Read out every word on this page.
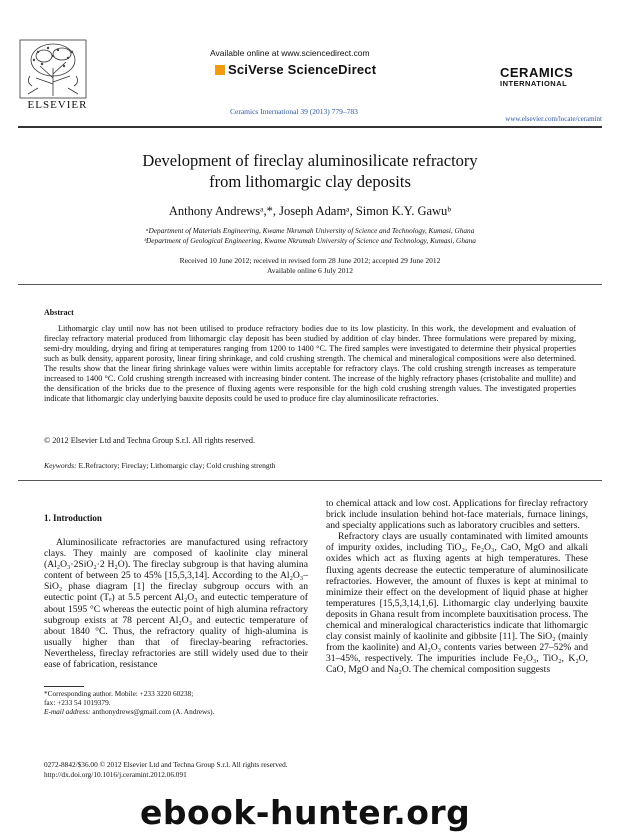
ELSEVIER
Available online at www.sciencedirect.com
SciVerse ScienceDirect
Ceramics International 39 (2013) 779–783
CERAMICS
INTERNATIONAL
www.elsevier.com/locate/ceramint
Development of fireclay aluminosilicate refractory
from lithomargic clay deposits
Anthony Andrewsᵃ,*, Joseph Adamᵃ, Simon K.Y. Gawuᵇ
ᵃDepartment of Materials Engineering, Kwame Nkrumah University of Science and Technology, Kumasi, Ghana
ᵇDepartment of Geological Engineering, Kwame Nkrumah University of Science and Technology, Kumasi, Ghana
Received 10 June 2012; received in revised form 28 June 2012; accepted 29 June 2012
Available online 6 July 2012
Abstract
Lithomargic clay until now has not been utilised to produce refractory bodies due to its low plasticity. In this work, the development and evaluation of fireclay refractory material produced from lithomargic clay deposit has been studied by addition of clay binder. Three formulations were prepared by mixing, semi-dry moulding, drying and firing at temperatures ranging from 1200 to 1400 °C. The fired samples were investigated to determine their physical properties such as bulk density, apparent porosity, linear firing shrinkage, and cold crushing strength. The chemical and mineralogical compositions were also determined. The results show that the linear firing shrinkage values were within limits acceptable for refractory clays. The cold crushing strength increases as temperature increased to 1400 °C. Cold crushing strength increased with increasing binder content. The increase of the highly refractory phases (cristobalite and mullite) and the densification of the bricks due to the presence of fluxing agents were responsible for the high cold crushing strength values. The investigated properties indicate that lithomargic clay underlying bauxite deposits could be used to produce fire clay aluminosilicate refractories.
© 2012 Elsevier Ltd and Techna Group S.r.l. All rights reserved.
Keywords: E.Refractory; Fireclay; Lithomargic clay; Cold crushing strength
1. Introduction

Aluminosilicate refractories are manufactured using refractory clays. They mainly are composed of kaolinite clay mineral (Al₂O₃·2SiO₂·2 H₂O). The fireclay subgroup is that having alumina content of between 25 to 45% [15,5,3,14]. According to the Al₂O₃–SiO₂ phase diagram [1] the fireclay subgroup occurs with an eutectic point (Tₑ) at 5.5 percent Al₂O₃ and eutectic temperature of about 1595 °C whereas the eutectic point of high alumina refractory subgroup exists at 78 percent Al₂O₃ and eutectic temperature of about 1840 °C. Thus, the refractory quality of high-alumina is usually higher than that of fireclay-bearing refractories. Nevertheless, fireclay refractories are still widely used due to their ease of fabrication, resistance

to chemical attack and low cost. Applications for fireclay refractory brick include insulation behind hot-face materials, furnace linings, and specialty applications such as laboratory crucibles and setters.

Refractory clays are usually contaminated with limited amounts of impurity oxides, including TiO₂, Fe₂O₃, CaO, MgO and alkali oxides which act as fluxing agents at high temperatures. These fluxing agents decrease the eutectic temperature of aluminosilicate refractories. However, the amount of fluxes is kept at minimal to minimize their effect on the development of liquid phase at higher temperatures [15,5,3,14,1,6]. Lithomargic clay underlying bauxite deposits in Ghana result from incomplete bauxitisation process. The chemical and mineralogical characteristics indicate that lithomargic clay consist mainly of kaolinite and gibbsite [11]. The SiO₂ (mainly from the kaolinite) and Al₂O₃ contents varies between 27–52% and 31–45%, respectively. The impurities include Fe₂O₃, TiO₂, K₂O, CaO, MgO and Na₂O. The chemical composition suggests

*Corresponding author. Mobile: +233 3220 60238;
fax: +233 54 1019379.
E-mail address: anthonydrews@gmail.com (A. Andrews).
0272-8842/$36.00 © 2012 Elsevier Ltd and Techna Group S.r.l. All rights reserved.
http://dx.doi.org/10.1016/j.ceramint.2012.06.091
ebook-hunter.org
